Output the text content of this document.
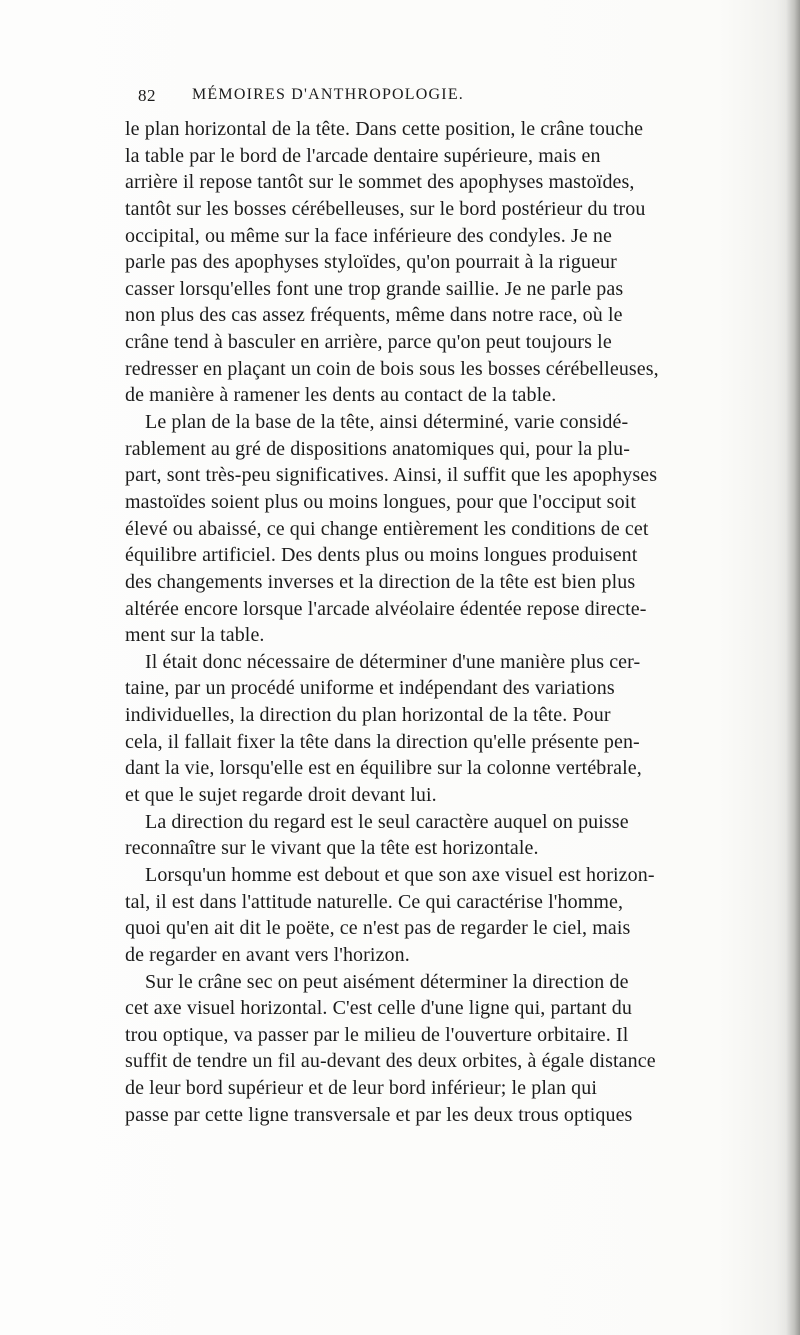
82 MÉMOIRES D'ANTHROPOLOGIE.
le plan horizontal de la tête. Dans cette position, le crâne touche
la table par le bord de l'arcade dentaire supérieure, mais en
arrière il repose tantôt sur le sommet des apophyses mastoïdes,
tantôt sur les bosses cérébelleuses, sur le bord postérieur du trou
occipital, ou même sur la face inférieure des condyles. Je ne
parle pas des apophyses styloïdes, qu'on pourrait à la rigueur
casser lorsqu'elles font une trop grande saillie. Je ne parle pas
non plus des cas assez fréquents, même dans notre race, où le
crâne tend à basculer en arrière, parce qu'on peut toujours le
redresser en plaçant un coin de bois sous les bosses cérébelleuses,
de manière à ramener les dents au contact de la table.
Le plan de la base de la tête, ainsi déterminé, varie considé-
rablement au gré de dispositions anatomiques qui, pour la plu-
part, sont très-peu significatives. Ainsi, il suffit que les apophyses
mastoïdes soient plus ou moins longues, pour que l'occiput soit
élevé ou abaissé, ce qui change entièrement les conditions de cet
équilibre artificiel. Des dents plus ou moins longues produisent
des changements inverses et la direction de la tête est bien plus
altérée encore lorsque l'arcade alvéolaire édentée repose directe-
ment sur la table.
Il était donc nécessaire de déterminer d'une manière plus cer-
taine, par un procédé uniforme et indépendant des variations
individuelles, la direction du plan horizontal de la tête. Pour
cela, il fallait fixer la tête dans la direction qu'elle présente pen-
dant la vie, lorsqu'elle est en équilibre sur la colonne vertébrale,
et que le sujet regarde droit devant lui.
La direction du regard est le seul caractère auquel on puisse
reconnaître sur le vivant que la tête est horizontale.
Lorsqu'un homme est debout et que son axe visuel est horizon-
tal, il est dans l'attitude naturelle. Ce qui caractérise l'homme,
quoi qu'en ait dit le poëte, ce n'est pas de regarder le ciel, mais
de regarder en avant vers l'horizon.
Sur le crâne sec on peut aisément déterminer la direction de
cet axe visuel horizontal. C'est celle d'une ligne qui, partant du
trou optique, va passer par le milieu de l'ouverture orbitaire. Il
suffit de tendre un fil au-devant des deux orbites, à égale distance
de leur bord supérieur et de leur bord inférieur; le plan qui
passe par cette ligne transversale et par les deux trous optiques
